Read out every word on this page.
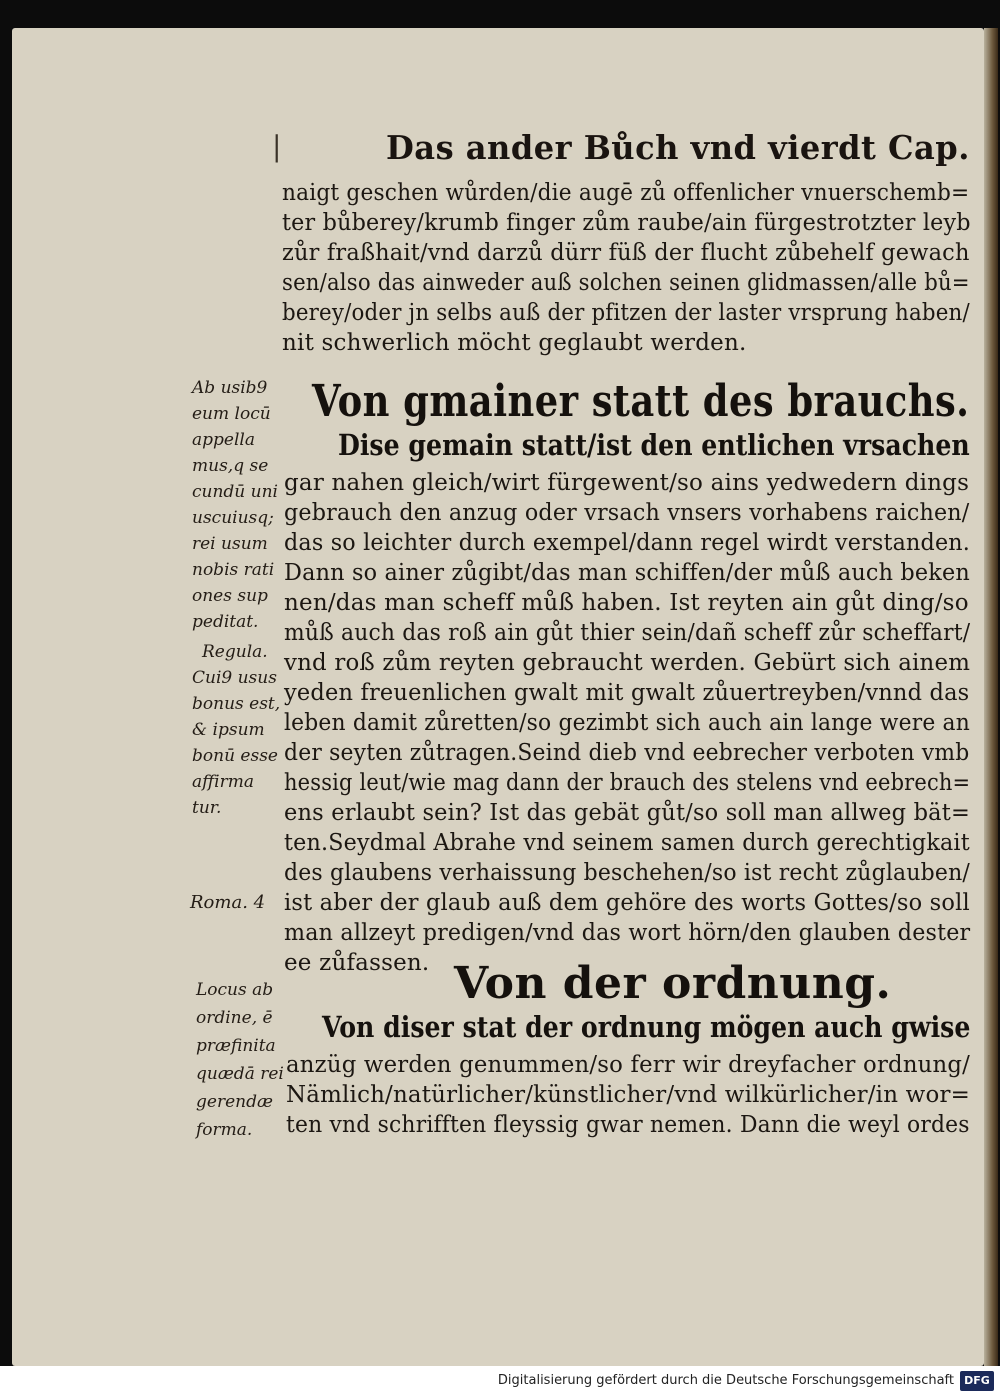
|	Das ander Bůch vnd vierdt Cap.
naigt geschen wůrden/die augē zů offenlicher vnuerschemb=
ter bůberey/krumb finger zům raube/ain fürgestrotzter leyb
zůr fraßhait/vnd darzů dürr füß der flucht zůbehelf gewach
sen/also das ainweder auß solchen seinen glidmassen/alle bů=
berey/oder jn selbs auß der pfitzen der laster vrsprung haben/
nit schwerlich möcht geglaubt werden.
Von gmainer statt des brauchs.
Dise gemain statt/ist den entlichen vrsachen
gar nahen gleich/wirt fürgewent/so ains yedwedern dings
gebrauch den anzug oder vrsach vnsers vorhabens raichen/
das so leichter durch exempel/dann regel wirdt verstanden.
Dann so ainer zůgibt/das man schiffen/der můß auch beken
nen/das man scheff můß haben. Ist reyten ain gůt ding/so
můß auch das roß ain gůt thier sein/dañ scheff zůr scheffart/
vnd roß zům reyten gebraucht werden. Gebürt sich ainem
yeden freuenlichen gwalt mit gwalt zůuertreyben/vnnd das
leben damit zůretten/so gezimbt sich auch ain lange were an
der seyten zůtragen.Seind dieb vnd eebrecher verboten vmb
hessig leut/wie mag dann der brauch des stelens vnd eebrech=
ens erlaubt sein? Ist das gebät gůt/so soll man allweg bät=
ten.Seydmal Abrahe vnd seinem samen durch gerechtigkait
des glaubens verhaissung beschehen/so ist recht zůglauben/
ist aber der glaub auß dem gehöre des worts Gottes/so soll
man allzeyt predigen/vnd das wort hörn/den glauben dester
ee zůfassen. Von der ordnung.
Von diser stat der ordnung mögen auch gwise
anzüg werden genummen/so ferr wir dreyfacher ordnung/
Nämlich/natürlicher/künstlicher/vnd wilkürlicher/in wor=
ten vnd schrifften fleyssig gwar nemen. Dann die weyl ordes
Ab usib9
eum locū
appella
mus,q se
cundū uni
uscuiusq;
rei usum
nobis rati
ones sup
peditat.
Regula.
Cui9 usus
bonus est,
& ipsum
bonū esse
affirma
tur.
Roma. 4
Locus ab
ordine, ē
præfinita
quædā rei
gerendæ
forma.
Digitalisierung gefördert durch die Deutsche Forschungsgemeinschaft DFG
